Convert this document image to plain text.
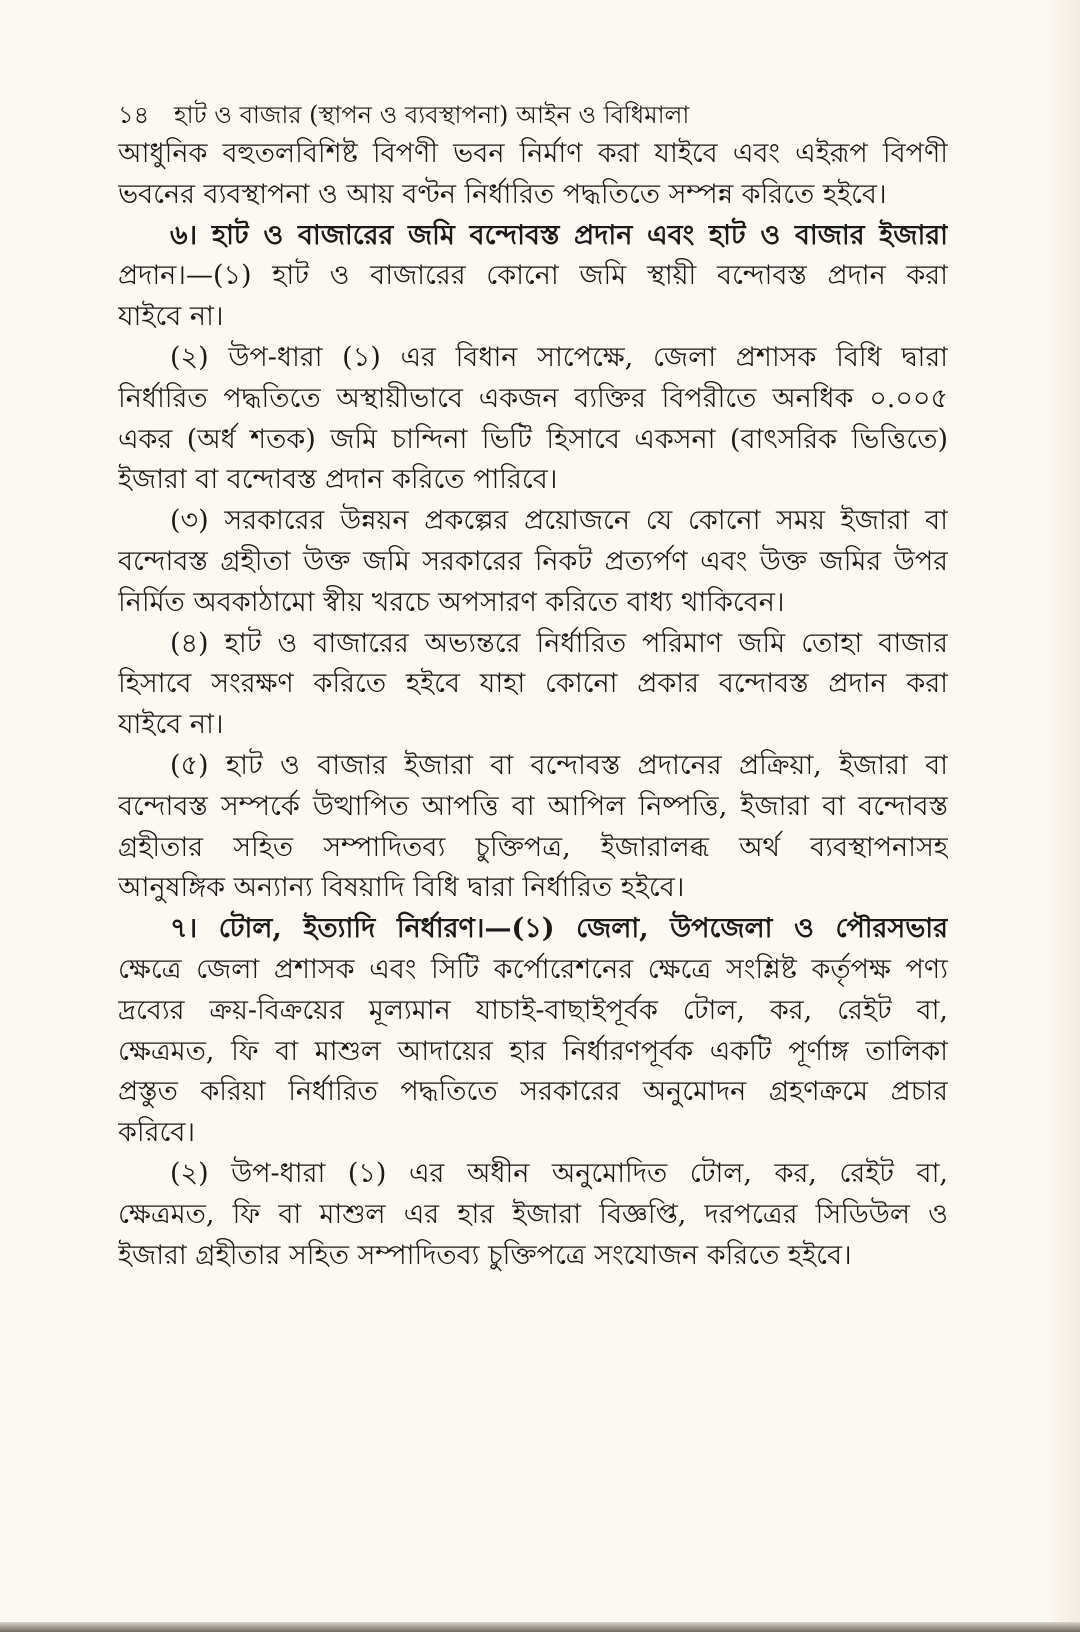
১৪ হাট ও বাজার (স্থাপন ও ব্যবস্থাপনা) আইন ও বিধিমালা
আধুনিক বহুতলবিশিষ্ট বিপণী ভবন নির্মাণ করা যাইবে এবং এইরূপ বিপণী
ভবনের ব্যবস্থাপনা ও আয় বণ্টন নির্ধারিত পদ্ধতিতে সম্পন্ন করিতে হইবে।
৬। হাট ও বাজারের জমি বন্দোবস্ত প্রদান এবং হাট ও বাজার ইজারা
প্রদান।—(১) হাট ও বাজারের কোনো জমি স্থায়ী বন্দোবস্ত প্রদান করা
যাইবে না।
(২) উপ-ধারা (১) এর বিধান সাপেক্ষে, জেলা প্রশাসক বিধি দ্বারা
নির্ধারিত পদ্ধতিতে অস্থায়ীভাবে একজন ব্যক্তির বিপরীতে অনধিক ০.০০৫
একর (অর্ধ শতক) জমি চান্দিনা ভিটি হিসাবে একসনা (বাৎসরিক ভিত্তিতে)
ইজারা বা বন্দোবস্ত প্রদান করিতে পারিবে।
(৩) সরকারের উন্নয়ন প্রকল্পের প্রয়োজনে যে কোনো সময় ইজারা বা
বন্দোবস্ত গ্রহীতা উক্ত জমি সরকারের নিকট প্রত্যর্পণ এবং উক্ত জমির উপর
নির্মিত অবকাঠামো স্বীয় খরচে অপসারণ করিতে বাধ্য থাকিবেন।
(৪) হাট ও বাজারের অভ্যন্তরে নির্ধারিত পরিমাণ জমি তোহা বাজার
হিসাবে সংরক্ষণ করিতে হইবে যাহা কোনো প্রকার বন্দোবস্ত প্রদান করা
যাইবে না।
(৫) হাট ও বাজার ইজারা বা বন্দোবস্ত প্রদানের প্রক্রিয়া, ইজারা বা
বন্দোবস্ত সম্পর্কে উত্থাপিত আপত্তি বা আপিল নিষ্পত্তি, ইজারা বা বন্দোবস্ত
গ্রহীতার সহিত সম্পাদিতব্য চুক্তিপত্র, ইজারালব্ধ অর্থ ব্যবস্থাপনাসহ
আনুষঙ্গিক অন্যান্য বিষয়াদি বিধি দ্বারা নির্ধারিত হইবে।
৭। টোল, ইত্যাদি নির্ধারণ।—(১) জেলা, উপজেলা ও পৌরসভার
ক্ষেত্রে জেলা প্রশাসক এবং সিটি কর্পোরেশনের ক্ষেত্রে সংশ্লিষ্ট কর্তৃপক্ষ পণ্য
দ্রব্যের ক্রয়-বিক্রয়ের মূল্যমান যাচাই-বাছাইপূর্বক টোল, কর, রেইট বা,
ক্ষেত্রমত, ফি বা মাশুল আদায়ের হার নির্ধারণপূর্বক একটি পূর্ণাঙ্গ তালিকা
প্রস্তুত করিয়া নির্ধারিত পদ্ধতিতে সরকারের অনুমোদন গ্রহণক্রমে প্রচার
করিবে।
(২) উপ-ধারা (১) এর অধীন অনুমোদিত টোল, কর, রেইট বা,
ক্ষেত্রমত, ফি বা মাশুল এর হার ইজারা বিজ্ঞপ্তি, দরপত্রের সিডিউল ও
ইজারা গ্রহীতার সহিত সম্পাদিতব্য চুক্তিপত্রে সংযোজন করিতে হইবে।
